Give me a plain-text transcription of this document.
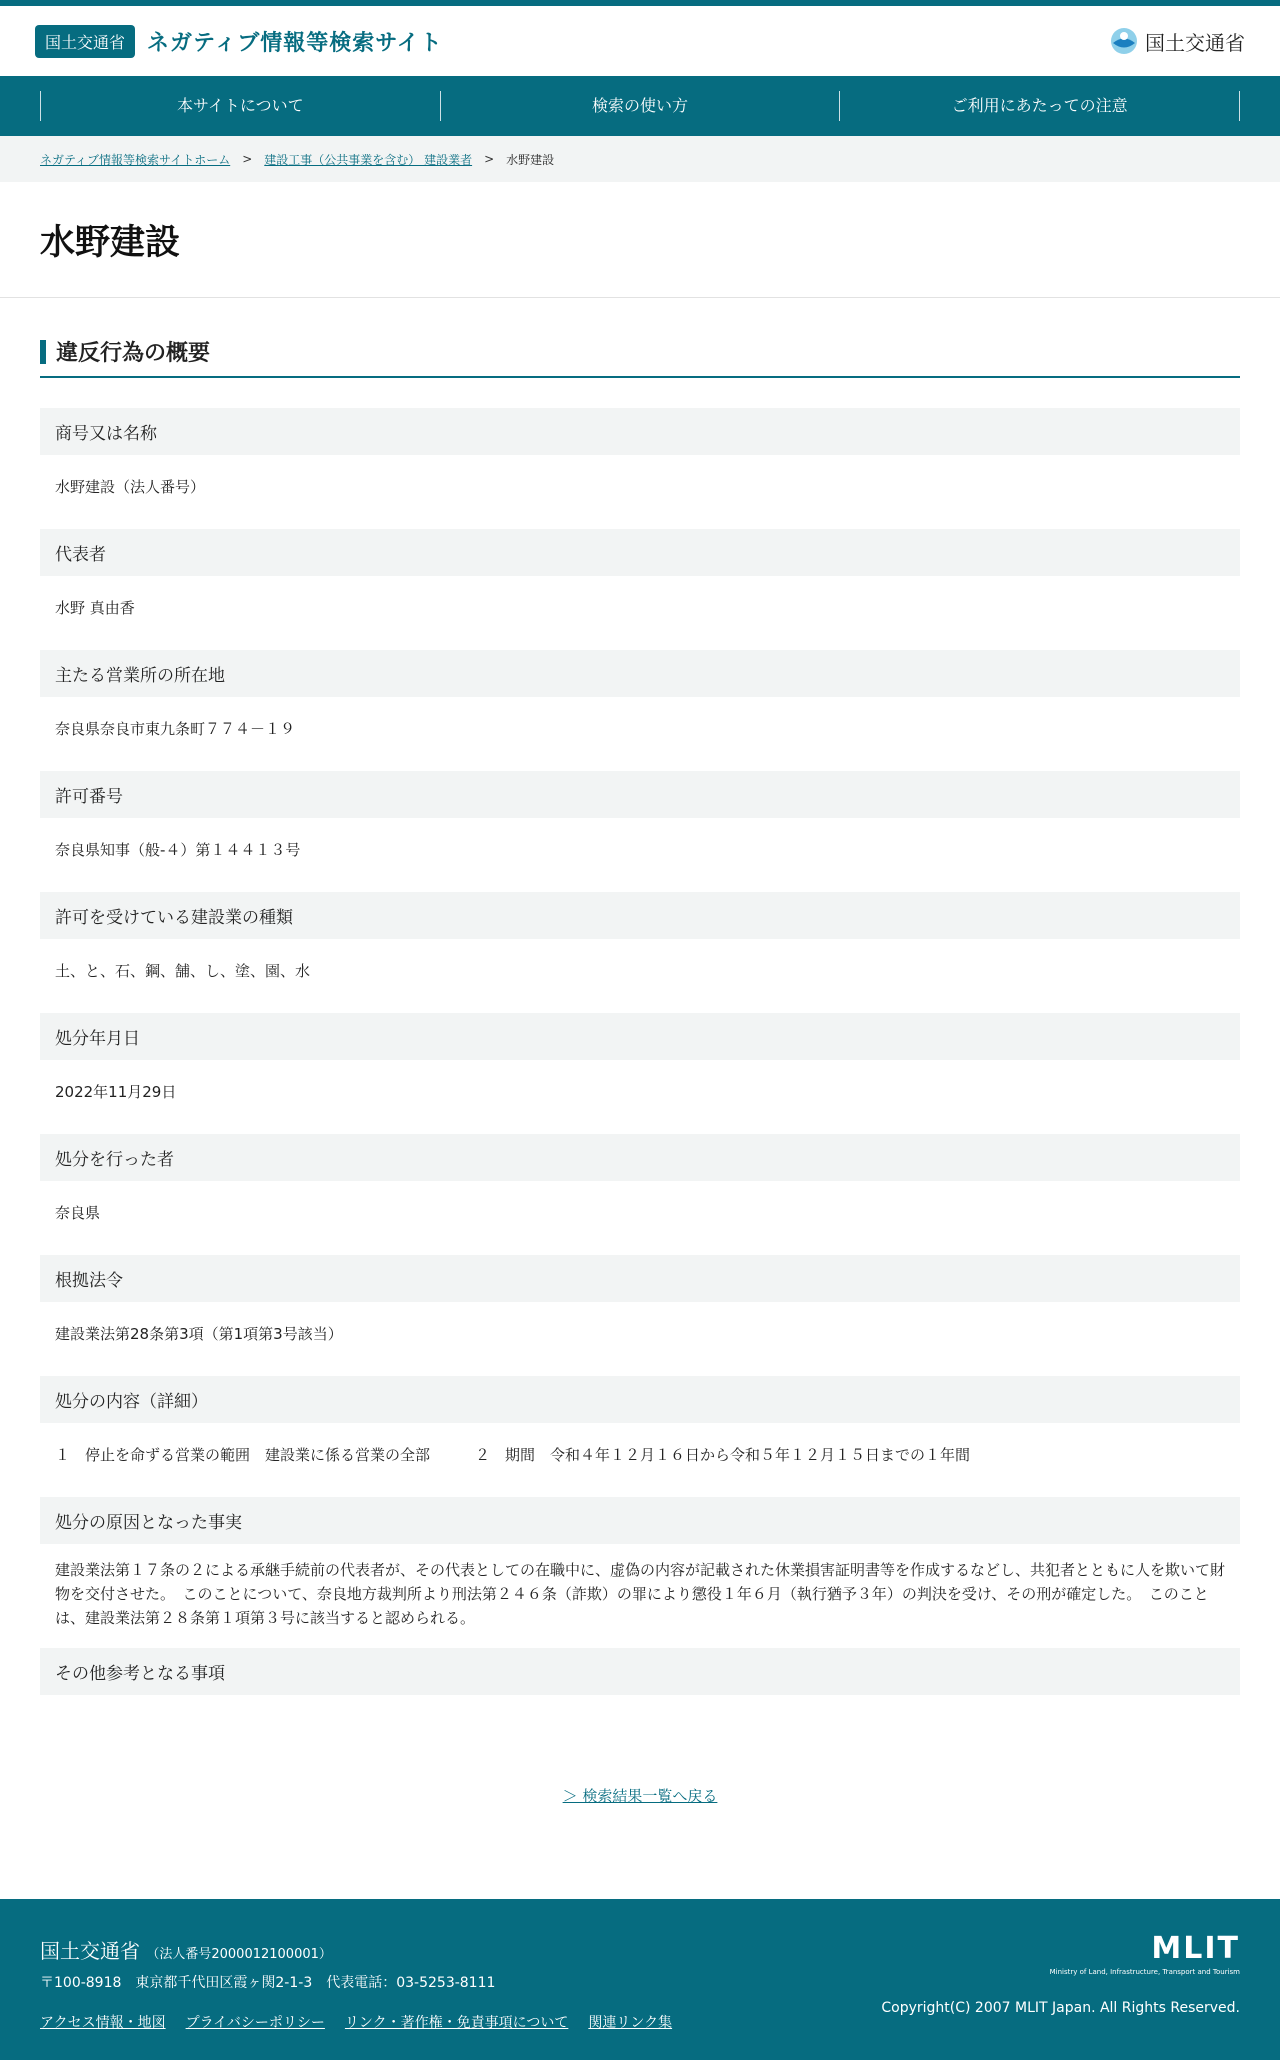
国土交通省	ネガティブ情報等検索サイト	国土交通省
本サイトについて	検索の使い方	ご利用にあたっての注意
ネガティブ情報等検索サイトホーム > 建設工事（公共事業を含む） 建設業者 > 水野建設
水野建設
違反行為の概要
商号又は名称
水野建設（法人番号）
代表者
水野 真由香
主たる営業所の所在地
奈良県奈良市東九条町７７４－１９
許可番号
奈良県知事（般-４）第１４４１３号
許可を受けている建設業の種類
土、と、石、鋼、舗、し、塗、園、水
処分年月日
2022年11月29日
処分を行った者
奈良県
根拠法令
建設業法第28条第3項（第1項第3号該当）
処分の内容（詳細）
１　停止を命ずる営業の範囲　建設業に係る営業の全部　　　２　期間　令和４年１２月１６日から令和５年１２月１５日までの１年間
処分の原因となった事実
建設業法第１７条の２による承継手続前の代表者が、その代表としての在職中に、虚偽の内容が記載された休業損害証明書等を作成するなどし、共犯者とともに人を欺いて財物を交付させた。　このことについて、奈良地方裁判所より刑法第２４６条（詐欺）の罪により懲役１年６月（執行猶予３年）の判決を受け、その刑が確定した。　このことは、建設業法第２８条第１項第３号に該当すると認められる。
その他参考となる事項
＞ 検索結果一覧へ戻る
国土交通省 （法人番号2000012100001）
〒100-8918　東京都千代田区霞ヶ関2-1-3　代表電話：03-5253-8111
アクセス情報・地図 プライバシーポリシー リンク・著作権・免責事項について 関連リンク集
MLIT
Ministry of Land, Infrastructure, Transport and Tourism
Copyright(C) 2007 MLIT Japan. All Rights Reserved.
